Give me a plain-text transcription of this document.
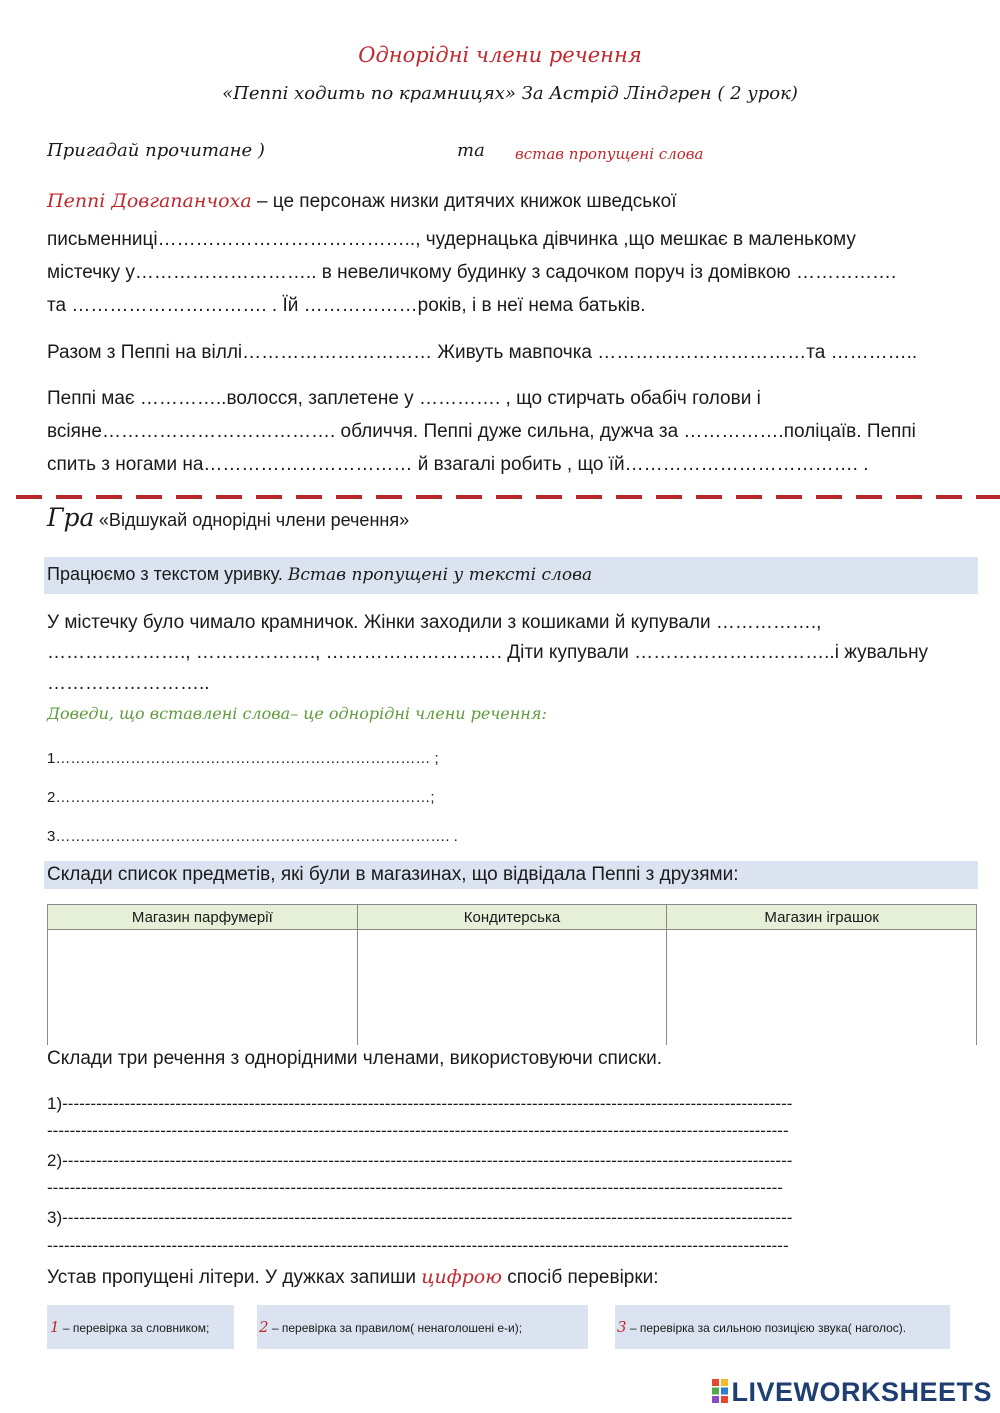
Однорідні члени речення
«Пеппі ходить по крамницях» За Астрід Ліндгрен ( 2 урок)
Пригадай прочитане )	та встав пропущені слова
Пеппі Довгапанчоха – це персонаж низки дитячих книжок шведської
письменниці………………………………….., чудернацька дівчинка ,що мешкає в маленькому
містечку у……………………….. в невеличкому будинку з садочком поруч із домівкою …………….
та …………………………. . Їй ………………років, і в неї нема батьків.
Разом з Пеппі на віллі………………………… Живуть мавпочка ……………………………та …………..
Пеппі має …………..волосся, заплетене у …………. , що стирчать обабіч голови і
всіяне………………………………. обличчя. Пеппі дуже сильна, дужча за …………….поліцаїв. Пеппі
спить з ногами на…………………………… й взагалі робить , що їй………………………………. .
Гра «Відшукай однорідні члени речення»
Працюємо з текстом уривку. Встав пропущені у тексті слова
У містечку було чимало крамничок. Жінки заходили з кошиками й купували …………….,
…………………., ………………., ………………………. Діти купували …………………………..і жувальну
……………………..
Доведи, що вставлені слова– це однорідні члени речення:
1………………………………………………………………… ;
2…………………………………………………………………;
3……………………………………………………………………. .
Склади список предметів, які були в магазинах, що відвідала Пеппі з друзями:
Магазин парфумерії	Кондитерська	Магазин іграшок

Склади три речення з однорідними членами, використовуючи списки.
1)---------------------------------------------------------------------------------------------------------------------------------
-----------------------------------------------------------------------------------------------------------------------------------
2)---------------------------------------------------------------------------------------------------------------------------------
----------------------------------------------------------------------------------------------------------------------------------
3)---------------------------------------------------------------------------------------------------------------------------------
-----------------------------------------------------------------------------------------------------------------------------------
Устав пропущені літери. У дужках запиши цифрою спосіб перевірки:
1 – перевірка за словником;	2 – перевірка за правилом( ненаголошені е-и);	3 – перевірка за сильною позицією звука( наголос).
LIVEWORKSHEETS
